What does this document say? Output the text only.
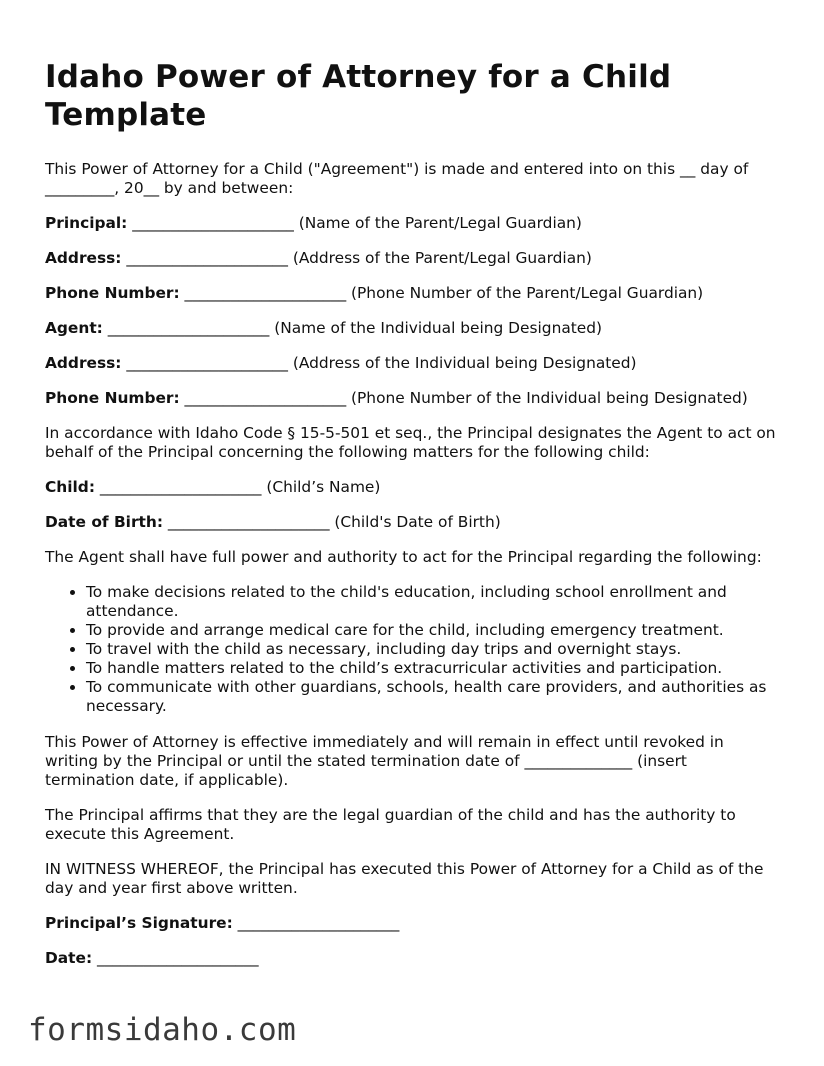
Idaho Power of Attorney for a Child Template

This Power of Attorney for a Child ("Agreement") is made and entered into on this __ day of _________, 20__ by and between:

Principal: _____________________ (Name of the Parent/Legal Guardian)

Address: _____________________ (Address of the Parent/Legal Guardian)

Phone Number: _____________________ (Phone Number of the Parent/Legal Guardian)

Agent: _____________________ (Name of the Individual being Designated)

Address: _____________________ (Address of the Individual being Designated)

Phone Number: _____________________ (Phone Number of the Individual being Designated)

In accordance with Idaho Code § 15-5-501 et seq., the Principal designates the Agent to act on behalf of the Principal concerning the following matters for the following child:

Child: _____________________ (Child’s Name)

Date of Birth: _____________________ (Child's Date of Birth)

The Agent shall have full power and authority to act for the Principal regarding the following:

• To make decisions related to the child's education, including school enrollment and attendance.
• To provide and arrange medical care for the child, including emergency treatment.
• To travel with the child as necessary, including day trips and overnight stays.
• To handle matters related to the child’s extracurricular activities and participation.
• To communicate with other guardians, schools, health care providers, and authorities as necessary.

This Power of Attorney is effective immediately and will remain in effect until revoked in writing by the Principal or until the stated termination date of ______________ (insert termination date, if applicable).

The Principal affirms that they are the legal guardian of the child and has the authority to execute this Agreement.

IN WITNESS WHEREOF, the Principal has executed this Power of Attorney for a Child as of the day and year first above written.

Principal’s Signature: _____________________

Date: _____________________

formsidaho.com
